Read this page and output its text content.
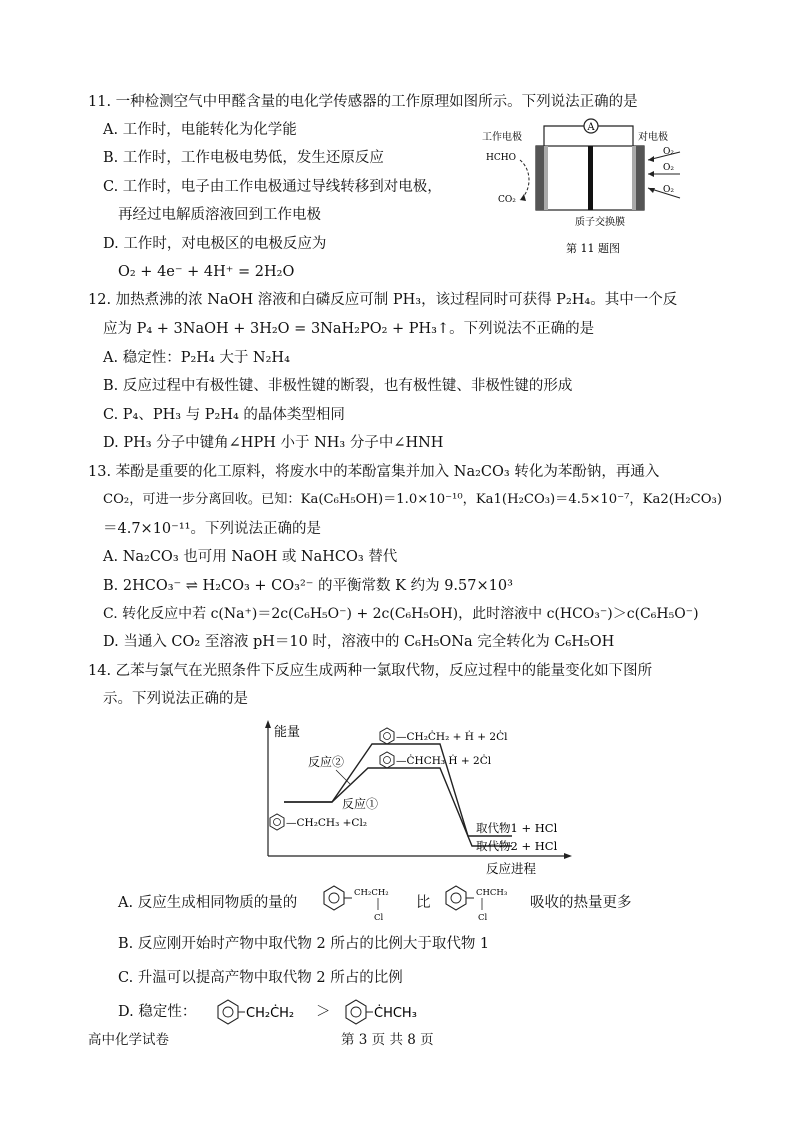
11. 一种检测空气中甲醛含量的电化学传感器的工作原理如图所示。下列说法正确的是
A. 工作时，电能转化为化学能
B. 工作时，工作电极电势低，发生还原反应
C. 工作时，电子由工作电极通过导线转移到对电极，
再经过电解质溶液回到工作电极
D. 工作时，对电极区的电极反应为
O₂ + 4e⁻ + 4H⁺ = 2H₂O
A
工作电极	对电极
质子交换膜
HCHO
CO₂
O₂
O₂
O₂
第 11 题图
12. 加热煮沸的浓 NaOH 溶液和白磷反应可制 PH₃，该过程同时可获得 P₂H₄。其中一个反
应为 P₄ + 3NaOH + 3H₂O = 3NaH₂PO₂ + PH₃↑。下列说法不正确的是
A. 稳定性：P₂H₄ 大于 N₂H₄
B. 反应过程中有极性键、非极性键的断裂，也有极性键、非极性键的形成
C. P₄、PH₃ 与 P₂H₄ 的晶体类型相同
D. PH₃ 分子中键角∠HPH 小于 NH₃ 分子中∠HNH
13. 苯酚是重要的化工原料，将废水中的苯酚富集并加入 Na₂CO₃ 转化为苯酚钠，再通入
CO₂，可进一步分离回收。已知：Ka(C₆H₅OH)＝1.0×10⁻¹⁰，Ka1(H₂CO₃)＝4.5×10⁻⁷，Ka2(H₂CO₃)
＝4.7×10⁻¹¹。下列说法正确的是
A. Na₂CO₃ 也可用 NaOH 或 NaHCO₃ 替代
B. 2HCO₃⁻ ⇌ H₂CO₃ + CO₃²⁻ 的平衡常数 K 约为 9.57×10³
C. 转化反应中若 c(Na⁺)＝2c(C₆H₅O⁻) + 2c(C₆H₅OH)，此时溶液中 c(HCO₃⁻)＞c(C₆H₅O⁻)
D. 当通入 CO₂ 至溶液 pH＝10 时，溶液中的 C₆H₅ONa 完全转化为 C₆H₅OH
14. 乙苯与氯气在光照条件下反应生成两种一氯取代物，反应过程中的能量变化如下图所
示。下列说法正确的是
能量
反应进程
反应②
反应①
—CH₂ĊH₂ + Ḣ + 2Ċl
—ĊHCH₃ Ḣ + 2Ċl
—CH₂CH₃ +Cl₂	取代物1 + HCl
取代物2 + HCl
A. 反应生成相同物质的量的
CH₂CH₂
Cl
比
CHCH₃
Cl
吸收的热量更多
B. 反应刚开始时产物中取代物 2 所占的比例大于取代物 1
C. 升温可以提高产物中取代物 2 所占的比例
D. 稳定性：	CH₂ĊH₂ ＞	ĊHCH₃
高中化学试卷	第 3 页 共 8 页
